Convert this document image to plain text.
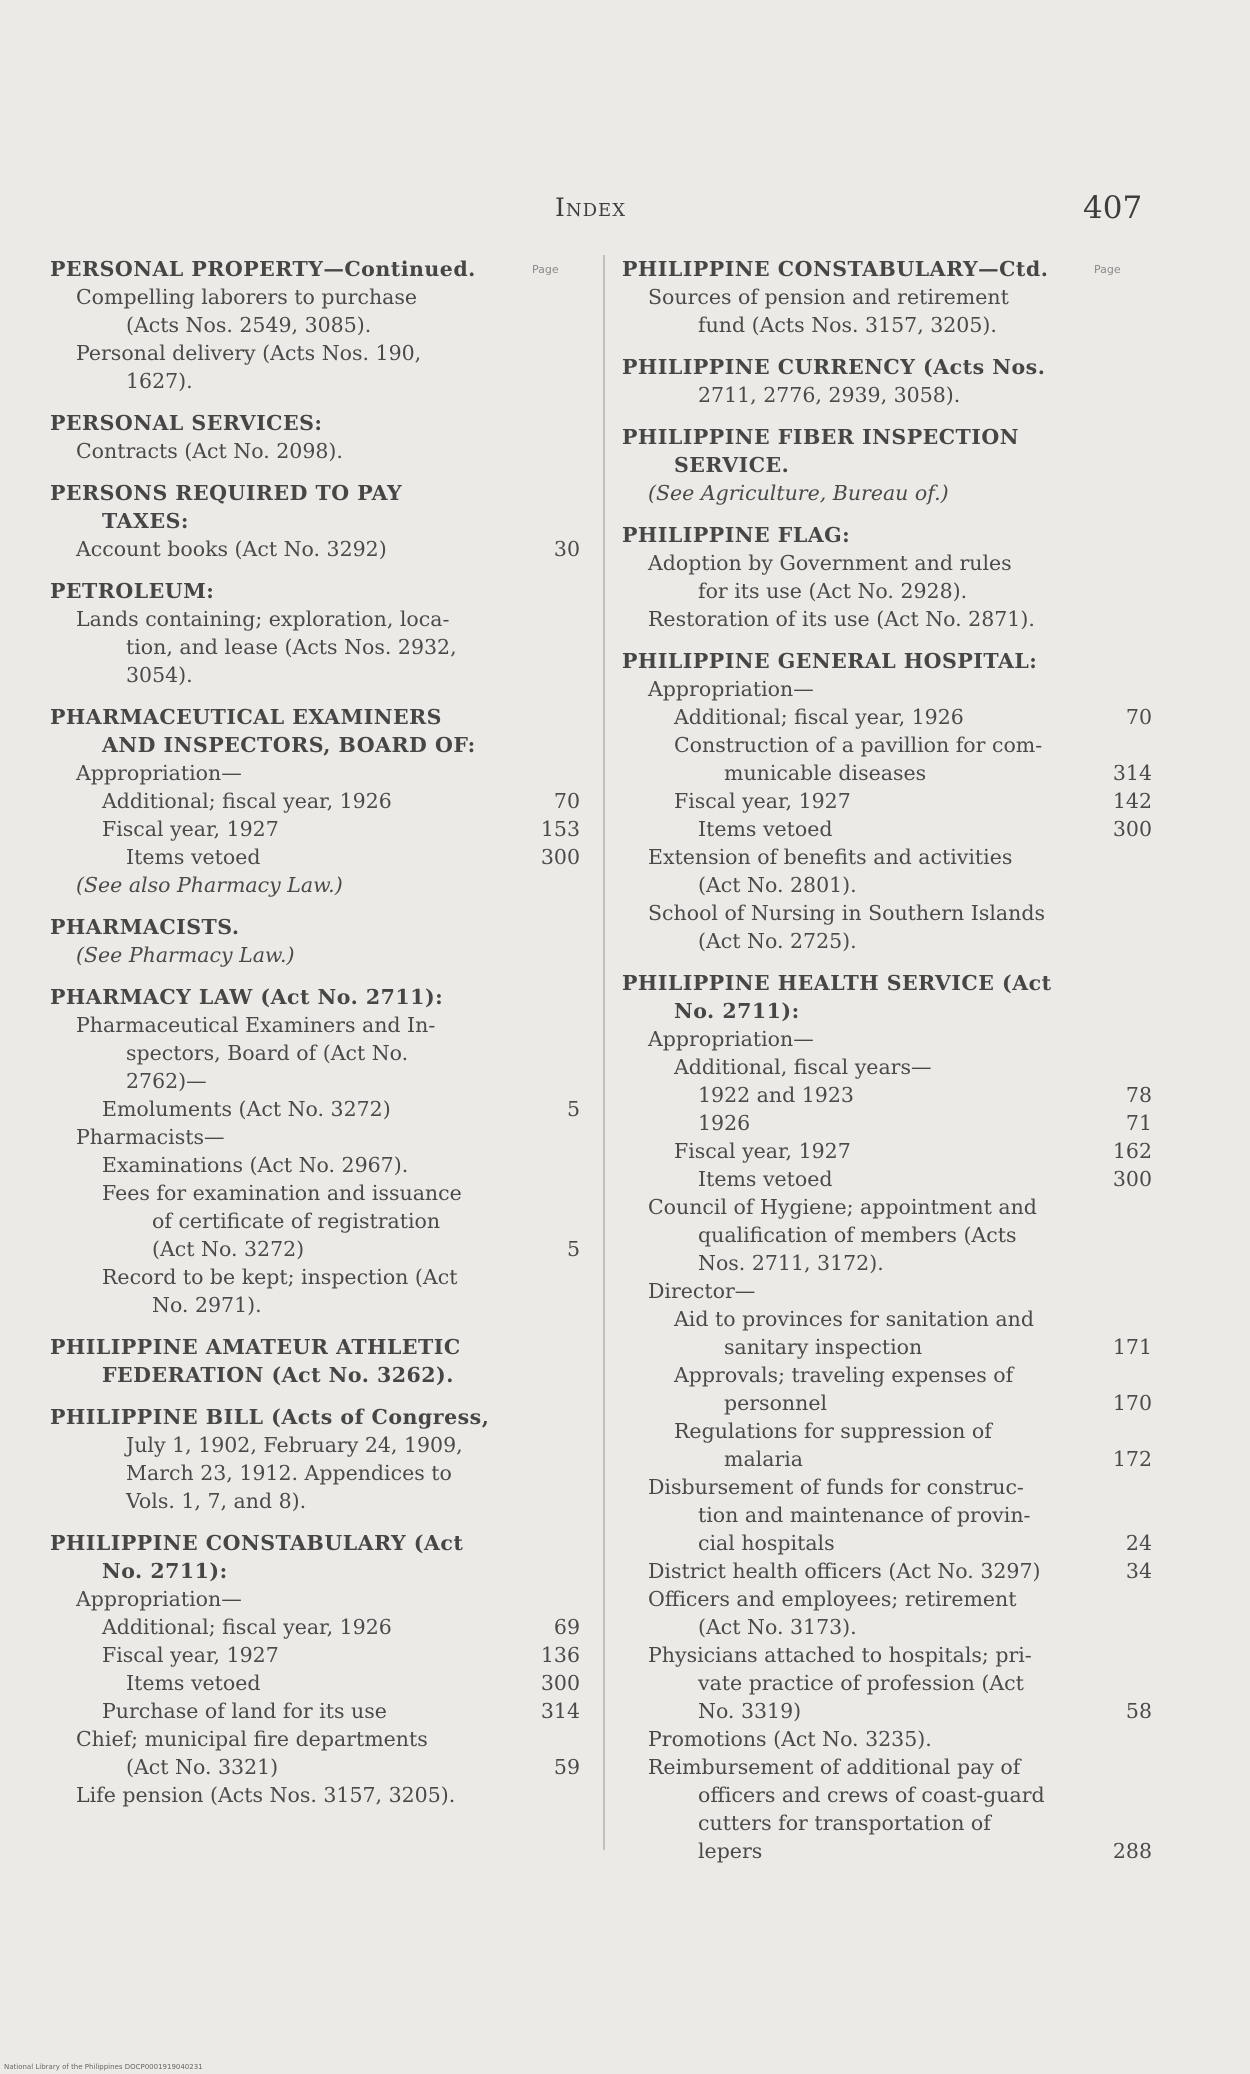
Index	407
Page
PERSONAL PROPERTY—Continued.
Compelling laborers to purchase
(Acts Nos. 2549, 3085).
Personal delivery (Acts Nos. 190,
1627).
PERSONAL SERVICES:
Contracts (Act No. 2098).
PERSONS REQUIRED TO PAY
TAXES:
Account books (Act No. 3292)	30
PETROLEUM:
Lands containing; exploration, loca-
tion, and lease (Acts Nos. 2932,
3054).
PHARMACEUTICAL EXAMINERS
AND INSPECTORS, BOARD OF:
Appropriation—
Additional; fiscal year, 1926	70
Fiscal year, 1927	153
Items vetoed	300
(See also Pharmacy Law.)
PHARMACISTS.
(See Pharmacy Law.)
PHARMACY LAW (Act No. 2711):
Pharmaceutical Examiners and In-
spectors, Board of (Act No.
2762)—
Emoluments (Act No. 3272)	5
Pharmacists—
Examinations (Act No. 2967).
Fees for examination and issuance
of certificate of registration
(Act No. 3272)	5
Record to be kept; inspection (Act
No. 2971).
PHILIPPINE AMATEUR ATHLETIC
FEDERATION (Act No. 3262).
PHILIPPINE BILL (Acts of Congress,
July 1, 1902, February 24, 1909,
March 23, 1912. Appendices to
Vols. 1, 7, and 8).
PHILIPPINE CONSTABULARY (Act
No. 2711):
Appropriation—
Additional; fiscal year, 1926	69
Fiscal year, 1927	136
Items vetoed	300
Purchase of land for its use	314
Chief; municipal fire departments
(Act No. 3321)	59
Life pension (Acts Nos. 3157, 3205).
Page
PHILIPPINE CONSTABULARY—Ctd.
Sources of pension and retirement
fund (Acts Nos. 3157, 3205).
PHILIPPINE CURRENCY (Acts Nos.
2711, 2776, 2939, 3058).
PHILIPPINE FIBER INSPECTION
SERVICE.
(See Agriculture, Bureau of.)
PHILIPPINE FLAG:
Adoption by Government and rules
for its use (Act No. 2928).
Restoration of its use (Act No. 2871).
PHILIPPINE GENERAL HOSPITAL:
Appropriation—
Additional; fiscal year, 1926	70
Construction of a pavillion for com-
municable diseases	314
Fiscal year, 1927	142
Items vetoed	300
Extension of benefits and activities
(Act No. 2801).
School of Nursing in Southern Islands
(Act No. 2725).
PHILIPPINE HEALTH SERVICE (Act
No. 2711):
Appropriation—
Additional, fiscal years—
1922 and 1923	78
1926	71
Fiscal year, 1927	162
Items vetoed	300
Council of Hygiene; appointment and
qualification of members (Acts
Nos. 2711, 3172).
Director—
Aid to provinces for sanitation and
sanitary inspection	171
Approvals; traveling expenses of
personnel	170
Regulations for suppression of
malaria	172
Disbursement of funds for construc-
tion and maintenance of provin-
cial hospitals	24
District health officers (Act No. 3297)	34
Officers and employees; retirement
(Act No. 3173).
Physicians attached to hospitals; pri-
vate practice of profession (Act
No. 3319)	58
Promotions (Act No. 3235).
Reimbursement of additional pay of
officers and crews of coast-guard
cutters for transportation of
lepers	288
National Library of the Philippines DOCP0001919040231
